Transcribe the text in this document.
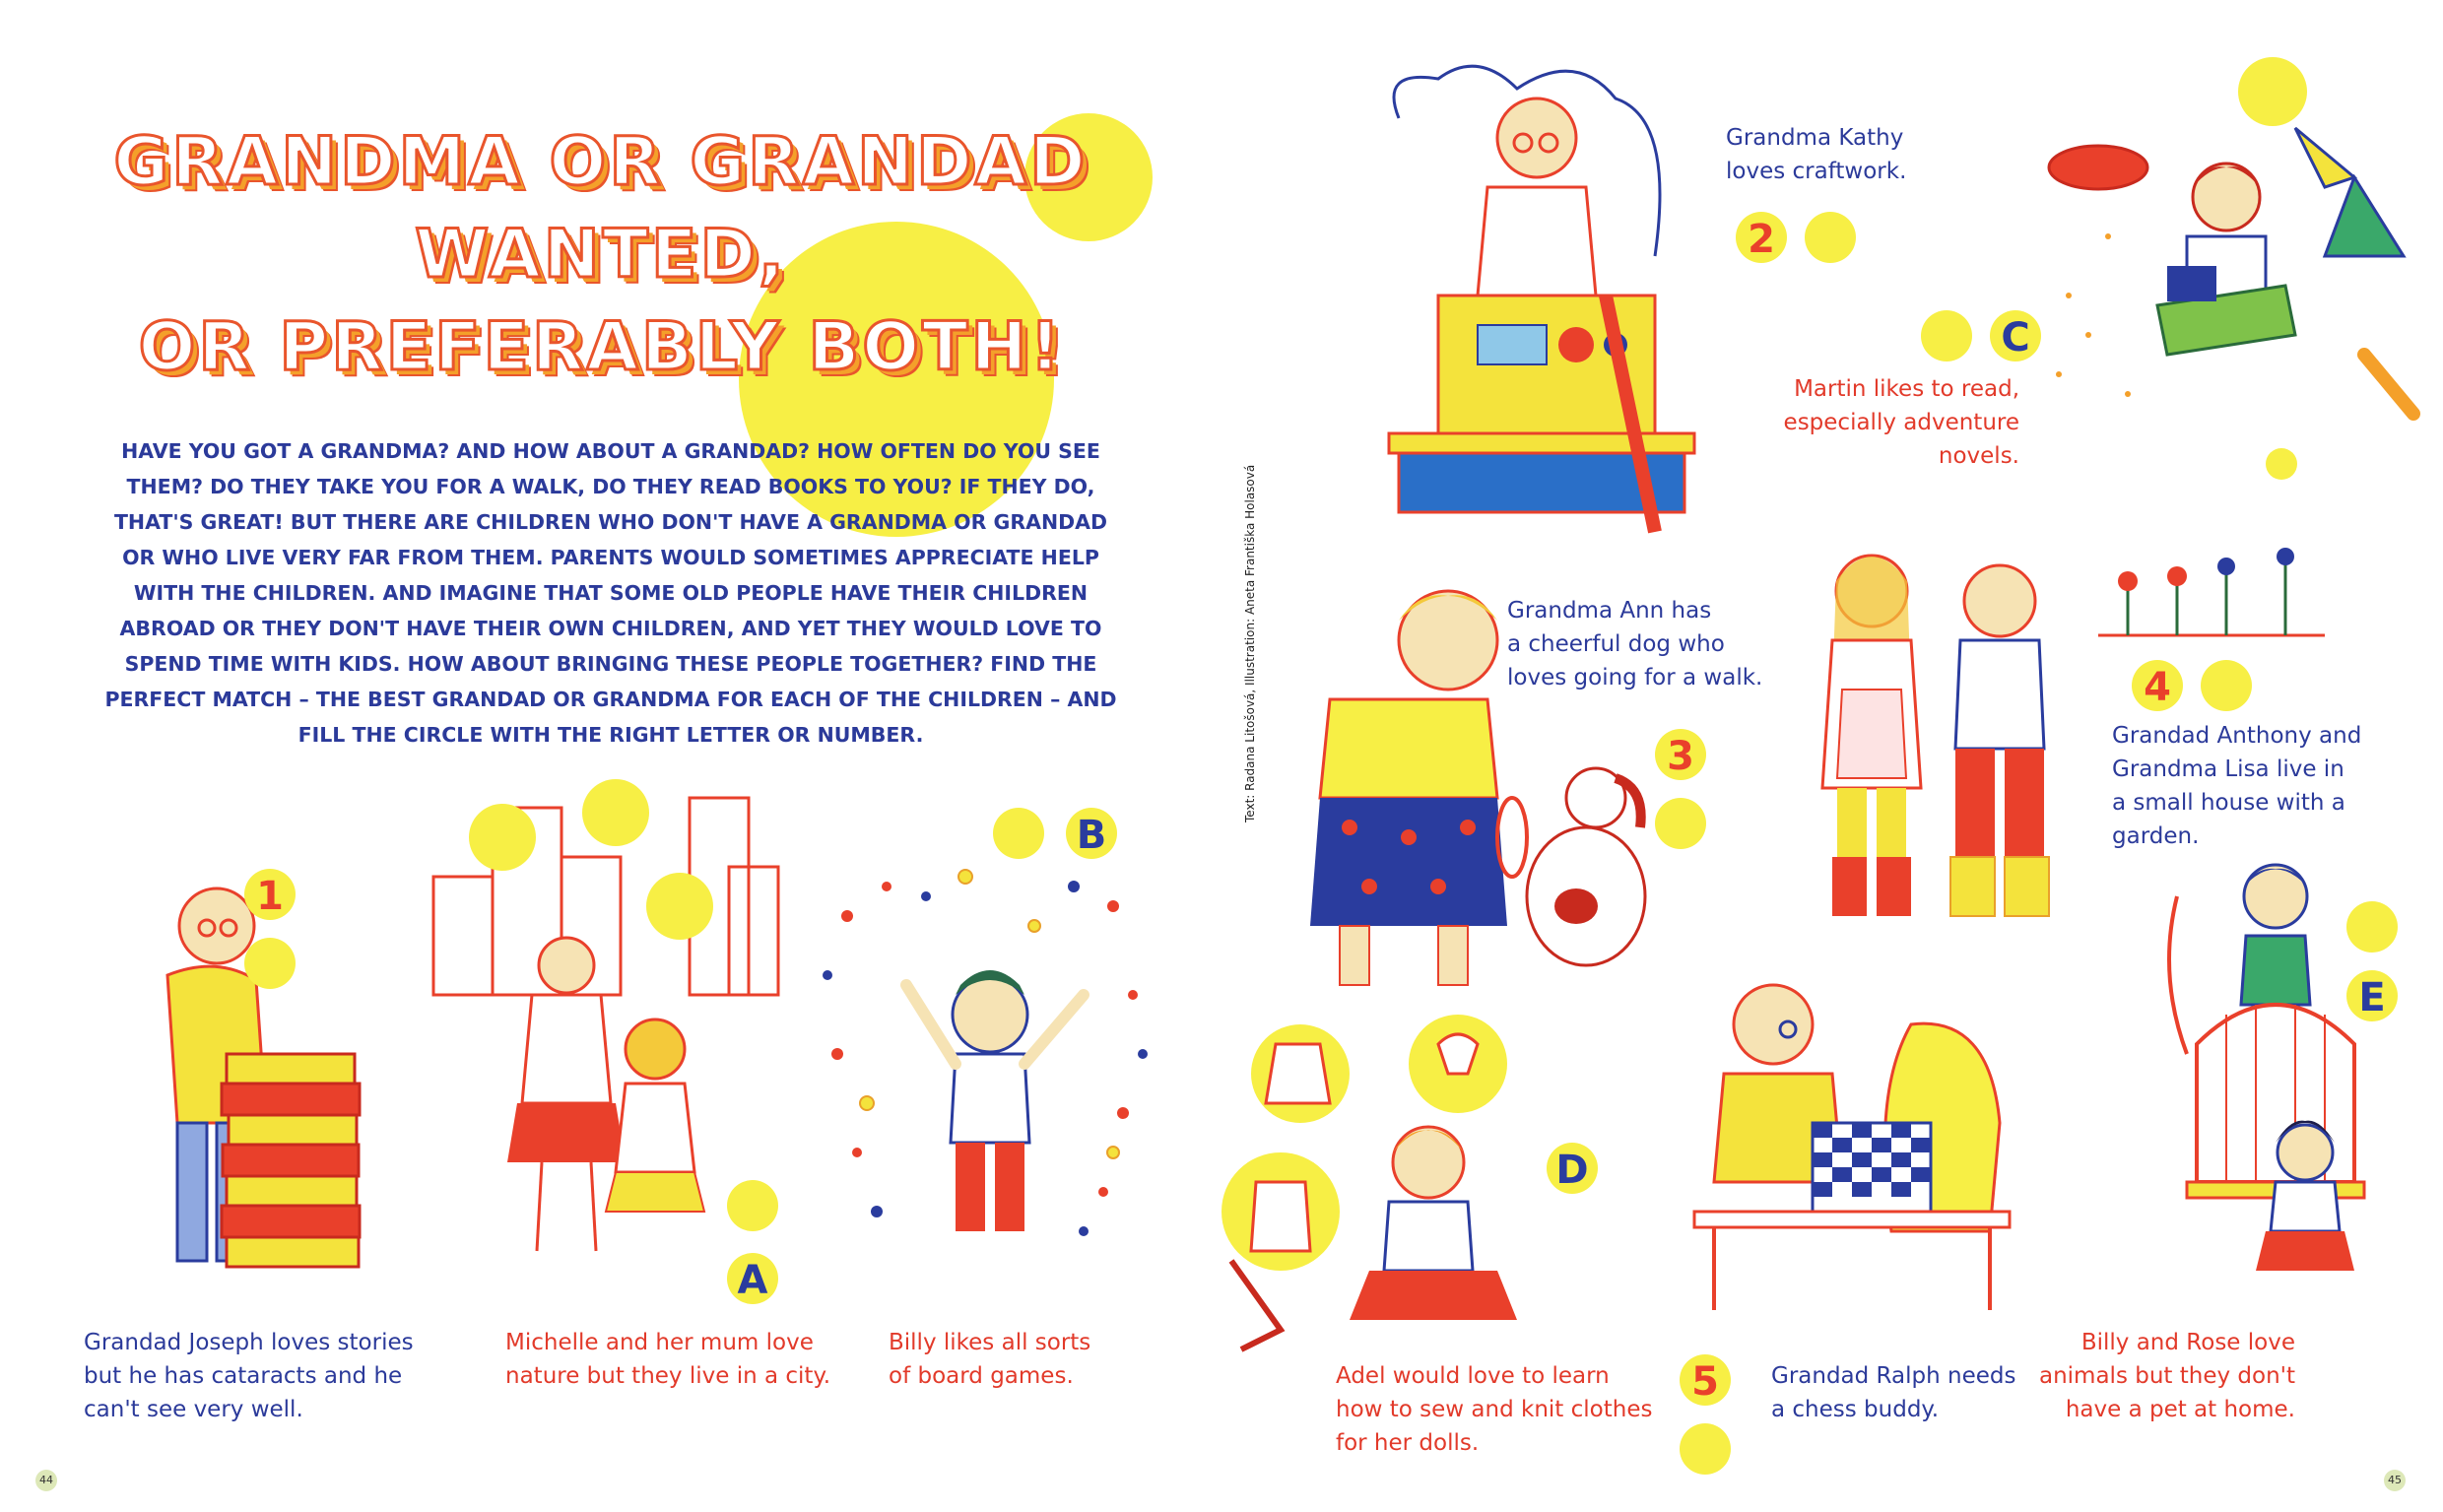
GRANDMA OR GRANDAD
WANTED,
OR PREFERABLY BOTH!
HAVE YOU GOT A GRANDMA? AND HOW ABOUT A GRANDAD? HOW OFTEN DO YOU SEE THEM? DO THEY TAKE YOU FOR A WALK, DO THEY READ BOOKS TO YOU? IF THEY DO, THAT'S GREAT! BUT THERE ARE CHILDREN WHO DON'T HAVE A GRANDMA OR GRANDAD OR WHO LIVE VERY FAR FROM THEM. PARENTS WOULD SOMETIMES APPRECIATE HELP WITH THE CHILDREN. AND IMAGINE THAT SOME OLD PEOPLE HAVE THEIR CHILDREN ABROAD OR THEY DON'T HAVE THEIR OWN CHILDREN, AND YET THEY WOULD LOVE TO SPEND TIME WITH KIDS. HOW ABOUT BRINGING THESE PEOPLE TOGETHER? FIND THE PERFECT MATCH – THE BEST GRANDAD OR GRANDMA FOR EACH OF THE CHILDREN – AND FILL THE CIRCLE WITH THE RIGHT LETTER OR NUMBER.
1
A
B
2
C
3
4
D
5
E
Grandad Joseph loves stories
but he has cataracts and he
can't see very well.
Michelle and her mum love
nature but they live in a city.
Billy likes all sorts
of board games.
Grandma Kathy
loves craftwork.
Martin likes to read,
especially adventure
novels.
Grandma Ann has
a cheerful dog who
loves going for a walk.
Grandad Anthony and
Grandma Lisa live in
a small house with a garden.
Adel would love to learn
how to sew and knit clothes
for her dolls.
Grandad Ralph needs
a chess buddy.
Billy and Rose love
animals but they don't
have a pet at home.
Text: Radana Litošová, Illustration: Aneta Františka Holasová
44	45
